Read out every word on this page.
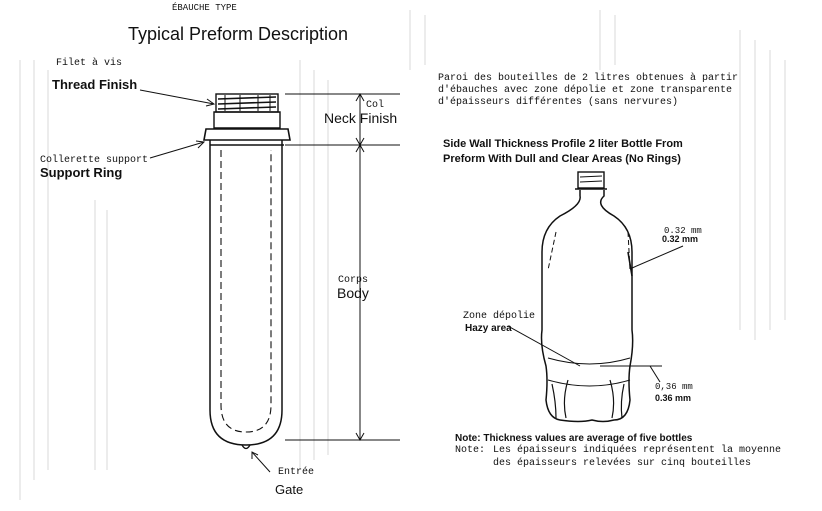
ÉBAUCHE TYPE
Typical Preform Description
Filet à vis
Thread Finish
Col
Neck Finish
Collerette support
Support Ring
Corps
Body
Entrée
Gate
Paroi des bouteilles de 2 litres obtenues à partir
d'ébauches avec zone dépolie et zone transparente
d'épaisseurs différentes (sans nervures)
Side Wall Thickness Profile 2 liter Bottle From
Preform With Dull and Clear Areas (No Rings)
0.32 mm
0.32 mm
Zone dépolie
Hazy area
0,36 mm
0.36 mm
Note: Thickness values are average of five bottles
Note: Les épaisseurs indiquées représentent la moyenne
des épaisseurs relevées sur cinq bouteilles
